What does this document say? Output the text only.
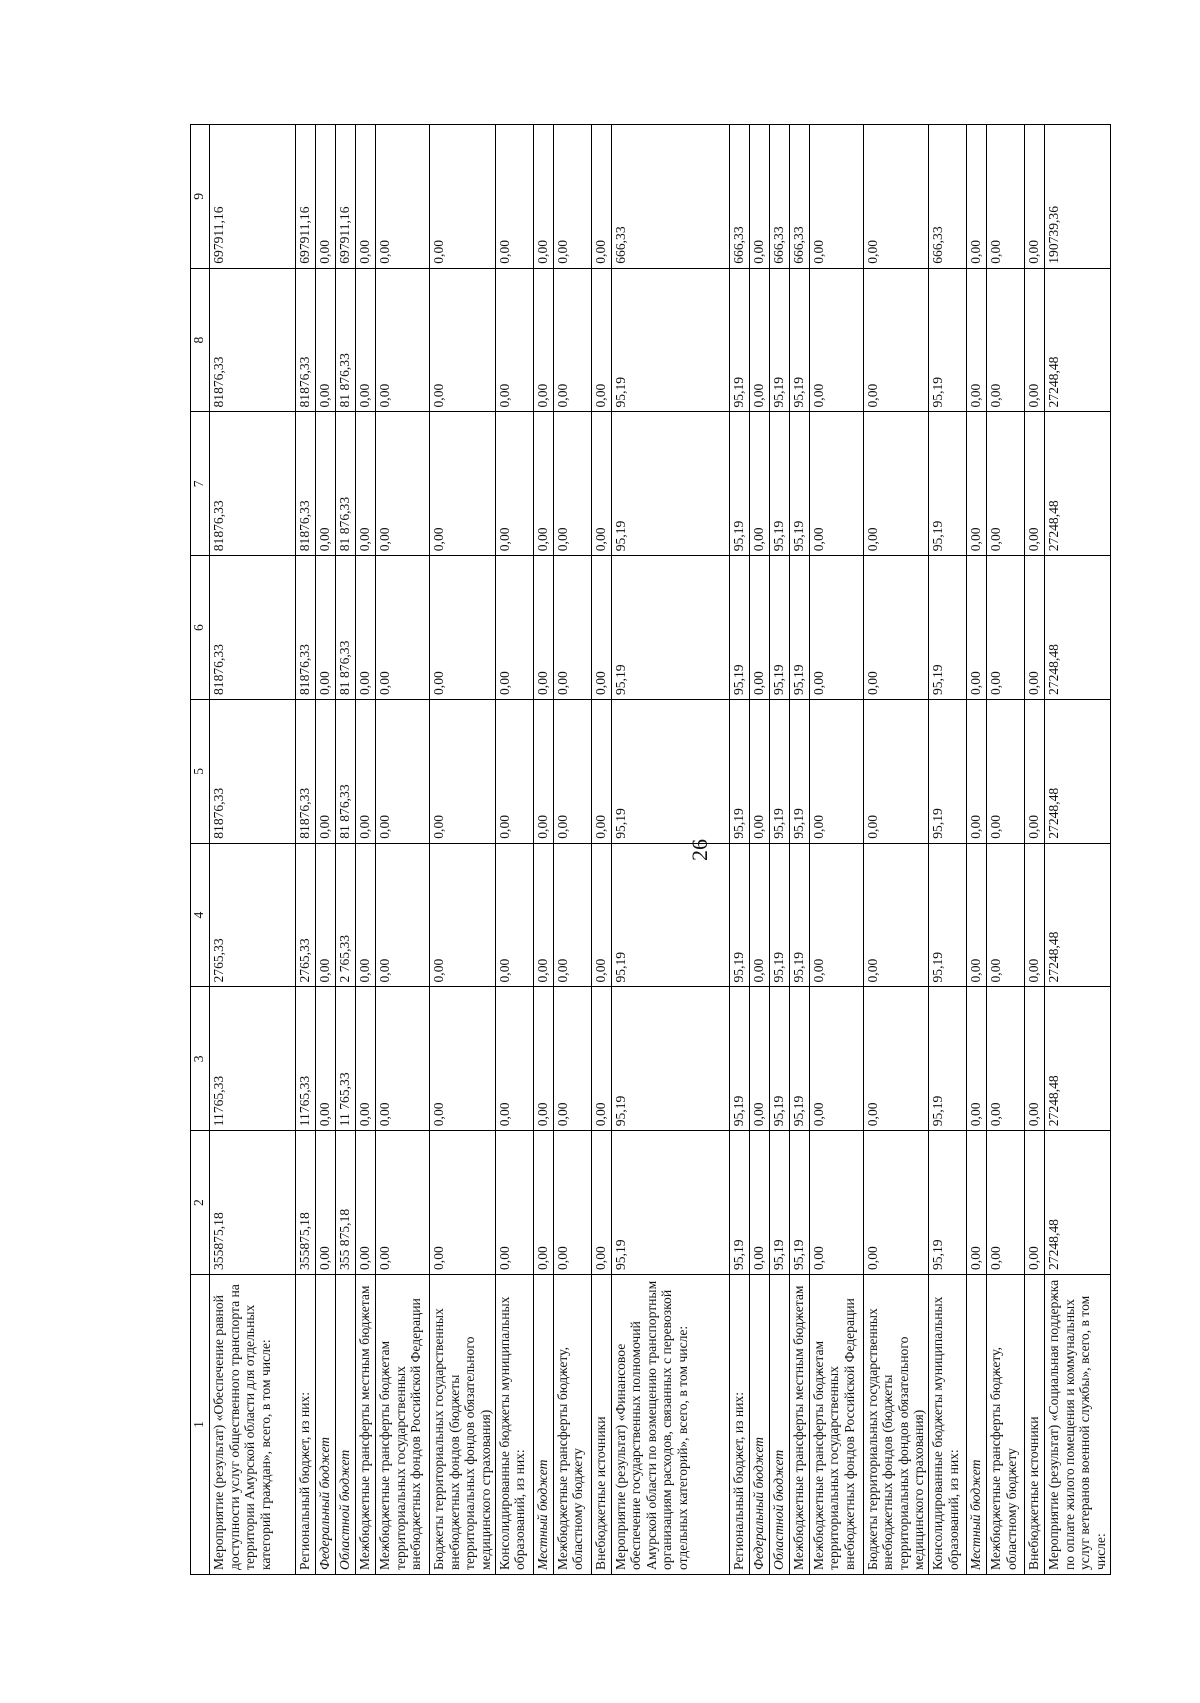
26
1	2	3	4	5	6	7	8	9
Мероприятие (результат) «Обеспечение равной доступности услуг общественного транспорта на территории Амурской области для отдельных категорий граждан», всего, в том числе:	355875,18	11765,33	2765,33	81876,33	81876,33	81876,33	81876,33	697911,16
Региональный бюджет, из них:	355875,18	11765,33	2765,33	81876,33	81876,33	81876,33	81876,33	697911,16
Федеральный бюджет	0,00	0,00	0,00	0,00	0,00	0,00	0,00	0,00
Областной бюджет	355 875,18	11 765,33	2 765,33	81 876,33	81 876,33	81 876,33	81 876,33	697911,16
Межбюджетные трансферты местным бюджетам	0,00	0,00	0,00	0,00	0,00	0,00	0,00	0,00
Межбюджетные трансферты бюджетам территориальных государственных внебюджетных фондов Российской Федерации	0,00	0,00	0,00	0,00	0,00	0,00	0,00	0,00
Бюджеты территориальных государственных внебюджетных фондов (бюджеты территориальных фондов обязательного медицинского страхования)	0,00	0,00	0,00	0,00	0,00	0,00	0,00	0,00
Консолидированные бюджеты муниципальных образований, из них:	0,00	0,00	0,00	0,00	0,00	0,00	0,00	0,00
Местный бюджет	0,00	0,00	0,00	0,00	0,00	0,00	0,00	0,00
Межбюджетные трансферты бюджету, областному бюджету	0,00	0,00	0,00	0,00	0,00	0,00	0,00	0,00
Внебюджетные источники	0,00	0,00	0,00	0,00	0,00	0,00	0,00	0,00
Мероприятие (результат) «Финансовое обеспечение государственных полномочий Амурской области по возмещению транспортным организациям расходов, связанных с перевозкой отдельных категорий», всего, в том числе:	95,19	95,19	95,19	95,19	95,19	95,19	95,19	666,33
Региональный бюджет, из них:	95,19	95,19	95,19	95,19	95,19	95,19	95,19	666,33
Федеральный бюджет	0,00	0,00	0,00	0,00	0,00	0,00	0,00	0,00
Областной бюджет	95,19	95,19	95,19	95,19	95,19	95,19	95,19	666,33
Межбюджетные трансферты местным бюджетам	95,19	95,19	95,19	95,19	95,19	95,19	95,19	666,33
Межбюджетные трансферты бюджетам территориальных государственных внебюджетных фондов Российской Федерации	0,00	0,00	0,00	0,00	0,00	0,00	0,00	0,00
Бюджеты территориальных государственных внебюджетных фондов (бюджеты территориальных фондов обязательного медицинского страхования)	0,00	0,00	0,00	0,00	0,00	0,00	0,00	0,00
Консолидированные бюджеты муниципальных образований, из них:	95,19	95,19	95,19	95,19	95,19	95,19	95,19	666,33
Местный бюджет	0,00	0,00	0,00	0,00	0,00	0,00	0,00	0,00
Межбюджетные трансферты бюджету, областному бюджету	0,00	0,00	0,00	0,00	0,00	0,00	0,00	0,00
Внебюджетные источники	0,00	0,00	0,00	0,00	0,00	0,00	0,00	0,00
Мероприятие (результат) «Социальная поддержка по оплате жилого помещения и коммунальных услуг ветеранов военной службы», всего, в том числе:	27248,48	27248,48	27248,48	27248,48	27248,48	27248,48	27248,48	190739,36
